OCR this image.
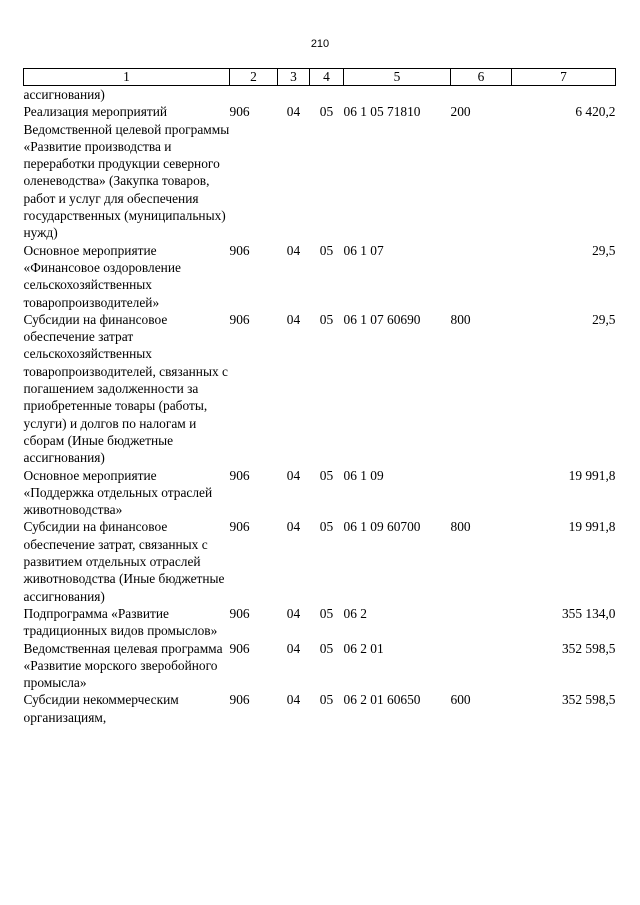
210
1	2	3	4	5	6	7
ассигнования)						
Реализация мероприятий Ведомственной целевой программы «Развитие производства и переработки продукции северного оленеводства» (Закупка товаров, работ и услуг для обеспечения государственных (муниципальных) нужд)	906	04	05	06 1 05 71810	200	6 420,2
Основное мероприятие «Финансовое оздоровление сельскохозяйственных товаропроизводителей»	906	04	05	06 1 07		29,5
Субсидии на финансовое обеспечение затрат сельскохозяйственных товаропроизводителей, связанных с погашением задолженности за приобретенные товары (работы, услуги) и долгов по налогам и сборам (Иные бюджетные ассигнования)	906	04	05	06 1 07 60690	800	29,5
Основное мероприятие «Поддержка отдельных отраслей животноводства»	906	04	05	06 1 09		19 991,8
Субсидии на финансовое обеспечение затрат, связанных с развитием отдельных отраслей животноводства (Иные бюджетные ассигнования)	906	04	05	06 1 09 60700	800	19 991,8
Подпрограмма «Развитие традиционных видов промыслов»	906	04	05	06 2		355 134,0
Ведомственная целевая программа «Развитие морского зверобойного промысла»	906	04	05	06 2 01		352 598,5
Субсидии некоммерческим организациям,	906	04	05	06 2 01 60650	600	352 598,5
